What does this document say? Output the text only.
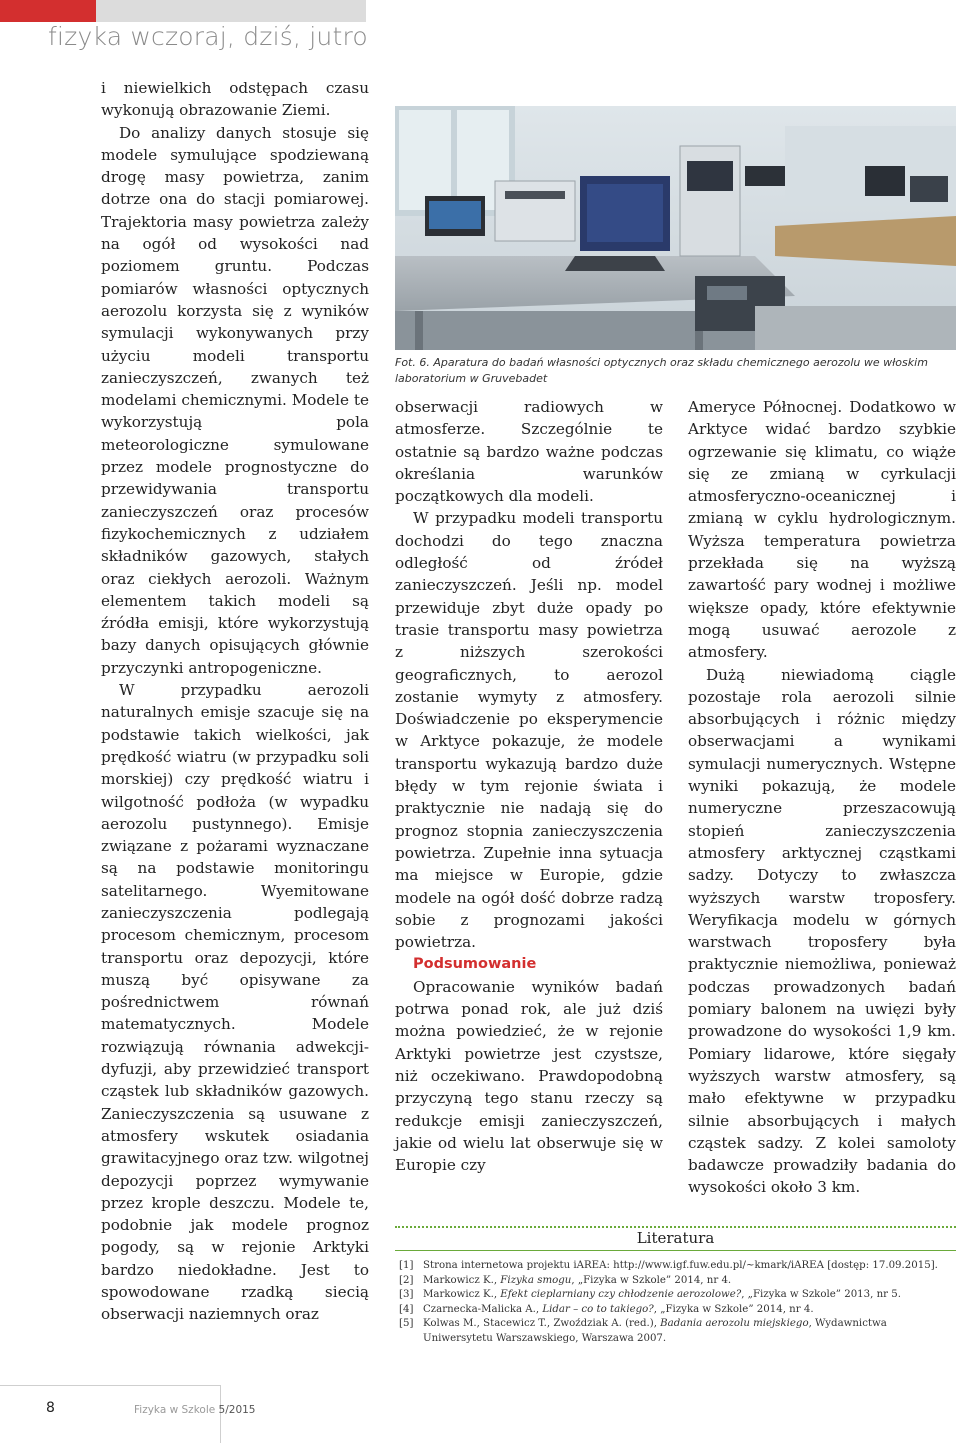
fizyka wczoraj, dziś, jutro

i niewielkich odstępach czasu wykonują obrazowanie Ziemi.

Do analizy danych stosuje się modele symulujące spodziewaną drogę masy powietrza, zanim dotrze ona do stacji pomiarowej. Trajektoria masy powietrza zależy na ogół od wysokości nad poziomem gruntu. Podczas pomiarów własności optycznych aerozolu korzysta się z wyników symulacji wykonywanych przy użyciu modeli transportu zanieczyszczeń, zwanych też modelami chemicznymi. Modele te wykorzystują pola meteorologiczne symulowane przez modele prognostyczne do przewidywania transportu zanieczyszczeń oraz procesów fizykochemicznych z udziałem składników gazowych, stałych oraz ciekłych aerozoli. Ważnym elementem takich modeli są źródła emisji, które wykorzystują bazy danych opisujących głównie przyczynki antropogeniczne.

W przypadku aerozoli naturalnych emisje szacuje się na podstawie takich wielkości, jak prędkość wiatru (w przypadku soli morskiej) czy prędkość wiatru i wilgotność podłoża (w wypadku aerozolu pustynnego). Emisje związane z pożarami wyznaczane są na podstawie monitoringu satelitarnego. Wyemitowane zanieczyszczenia podlegają procesom chemicznym, procesom transportu oraz depozycji, które muszą być opisywane za pośrednictwem równań matematycznych. Modele rozwiązują równania adwekcji-dyfuzji, aby przewidzieć transport cząstek lub składników gazowych. Zanieczyszczenia są usuwane z atmosfery wskutek osiadania grawitacyjnego oraz tzw. wilgotnej depozycji poprzez wymywanie przez krople deszczu. Modele te, podobnie jak modele prognoz pogody, są w rejonie Arktyki bardzo niedokładne. Jest to spowodowane rzadką siecią obserwacji naziemnych oraz

Fot. 6. Aparatura do badań własności optycznych oraz składu chemicznego aerozolu we włoskim laboratorium w Gruvebadet

obserwacji radiowych w atmosferze. Szczególnie te ostatnie są bardzo ważne podczas określania warunków początkowych dla modeli.

W przypadku modeli transportu dochodzi do tego znaczna odległość od źródeł zanieczyszczeń. Jeśli np. model przewiduje zbyt duże opady po trasie transportu masy powietrza z niższych szerokości geograficznych, to aerozol zostanie wymyty z atmosfery. Doświadczenie po eksperymencie w Arktyce pokazuje, że modele transportu wykazują bardzo duże błędy w tym rejonie świata i praktycznie nie nadają się do prognoz stopnia zanieczyszczenia powietrza. Zupełnie inna sytuacja ma miejsce w Europie, gdzie modele na ogół dość dobrze radzą sobie z prognozami jakości powietrza.

Podsumowanie

Opracowanie wyników badań potrwa ponad rok, ale już dziś można powiedzieć, że w rejonie Arktyki powietrze jest czystsze, niż oczekiwano. Prawdopodobną przyczyną tego stanu rzeczy są redukcje emisji zanieczyszczeń, jakie od wielu lat obserwuje się w Europie czy

Ameryce Północnej. Dodatkowo w Arktyce widać bardzo szybkie ogrzewanie się klimatu, co wiąże się ze zmianą w cyrkulacji atmosferyczno-oceanicznej i zmianą w cyklu hydrologicznym. Wyższa temperatura powietrza przekłada się na wyższą zawartość pary wodnej i możliwe większe opady, które efektywnie mogą usuwać aerozole z atmosfery.

Dużą niewiadomą ciągle pozostaje rola aerozoli silnie absorbujących i różnic między obserwacjami a wynikami symulacji numerycznych. Wstępne wyniki pokazują, że modele numeryczne przeszacowują stopień zanieczyszczenia atmosfery arktycznej cząstkami sadzy. Dotyczy to zwłaszcza wyższych warstw troposfery. Weryfikacja modelu w górnych warstwach troposfery była praktycznie niemożliwa, ponieważ podczas prowadzonych badań pomiary balonem na uwięzi były prowadzone do wysokości 1,9 km. Pomiary lidarowe, które sięgały wyższych warstw atmosfery, są mało efektywne w przypadku silnie absorbujących i małych cząstek sadzy. Z kolei samoloty badawcze prowadziły badania do wysokości około 3 km.

Literatura
[1] Strona internetowa projektu iAREA: http://www.igf.fuw.edu.pl/~kmark/iAREA [dostęp: 17.09.2015].
[2] Markowicz K., Fizyka smogu, „Fizyka w Szkole” 2014, nr 4.
[3] Markowicz K., Efekt cieplarniany czy chłodzenie aerozolowe?, „Fizyka w Szkole” 2013, nr 5.
[4] Czarnecka-Malicka A., Lidar – co to takiego?, „Fizyka w Szkole” 2014, nr 4.
[5] Kolwas M., Stacewicz T., Zwoździak A. (red.), Badania aerozolu miejskiego, Wydawnictwa Uniwersytetu Warszawskiego, Warszawa 2007.
8	Fizyka w Szkole 5/2015
